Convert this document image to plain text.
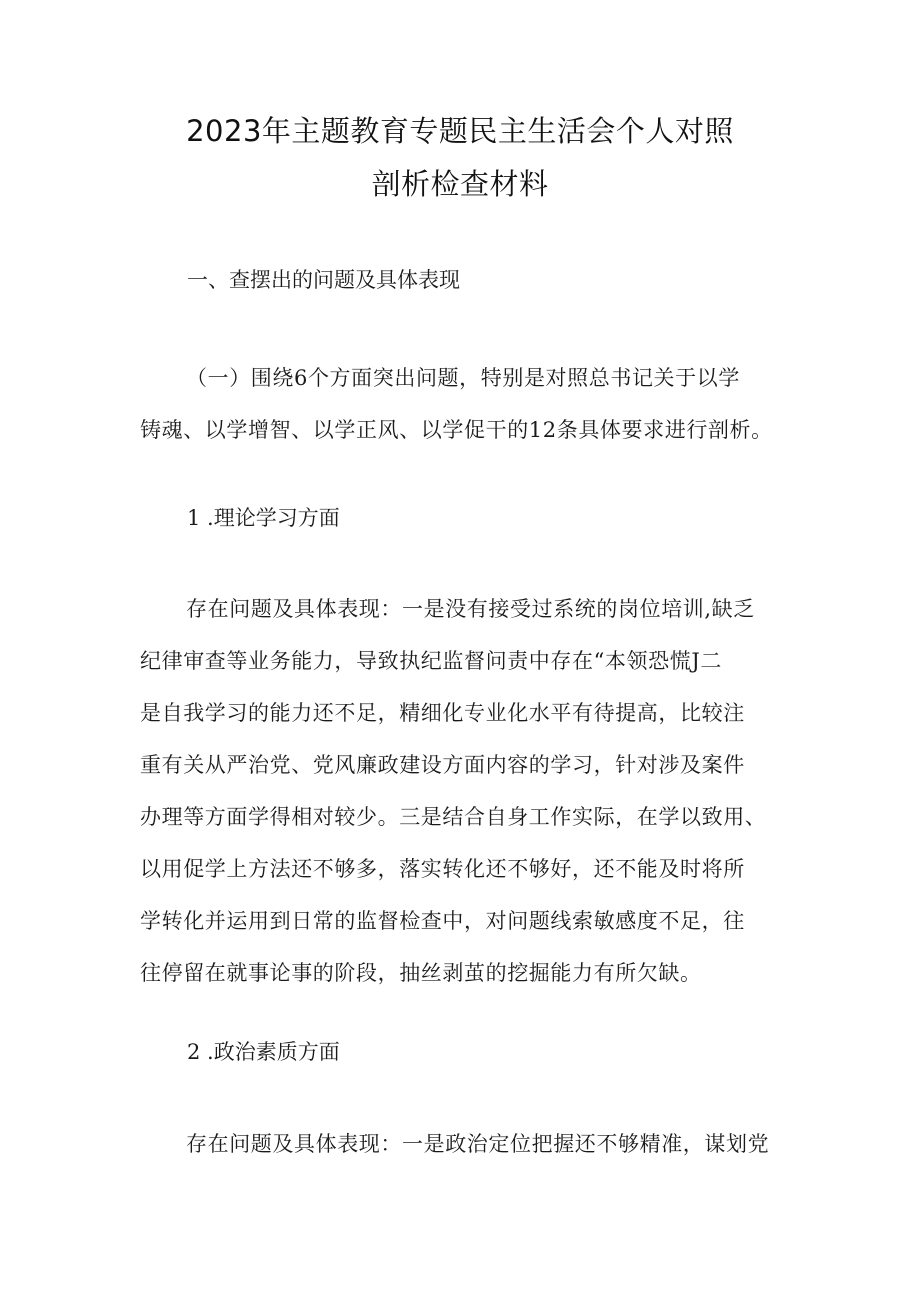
2023年主题教育专题民主生活会个人对照
剖析检查材料
一、查摆出的问题及具体表现
（一）围绕6个方面突出问题，特别是对照总书记关于以学
铸魂、以学增智、以学正风、以学促干的12条具体要求进行剖析。
1 .理论学习方面
存在问题及具体表现：一是没有接受过系统的岗位培训,缺乏
纪律审查等业务能力，导致执纪监督问责中存在“本领恐慌J二
是自我学习的能力还不足，精细化专业化水平有待提高，比较注
重有关从严治党、党风廉政建设方面内容的学习，针对涉及案件
办理等方面学得相对较少。三是结合自身工作实际，在学以致用、
以用促学上方法还不够多，落实转化还不够好，还不能及时将所
学转化并运用到日常的监督检查中，对问题线索敏感度不足，往
往停留在就事论事的阶段，抽丝剥茧的挖掘能力有所欠缺。
2 .政治素质方面
存在问题及具体表现：一是政治定位把握还不够精准，谋划党
